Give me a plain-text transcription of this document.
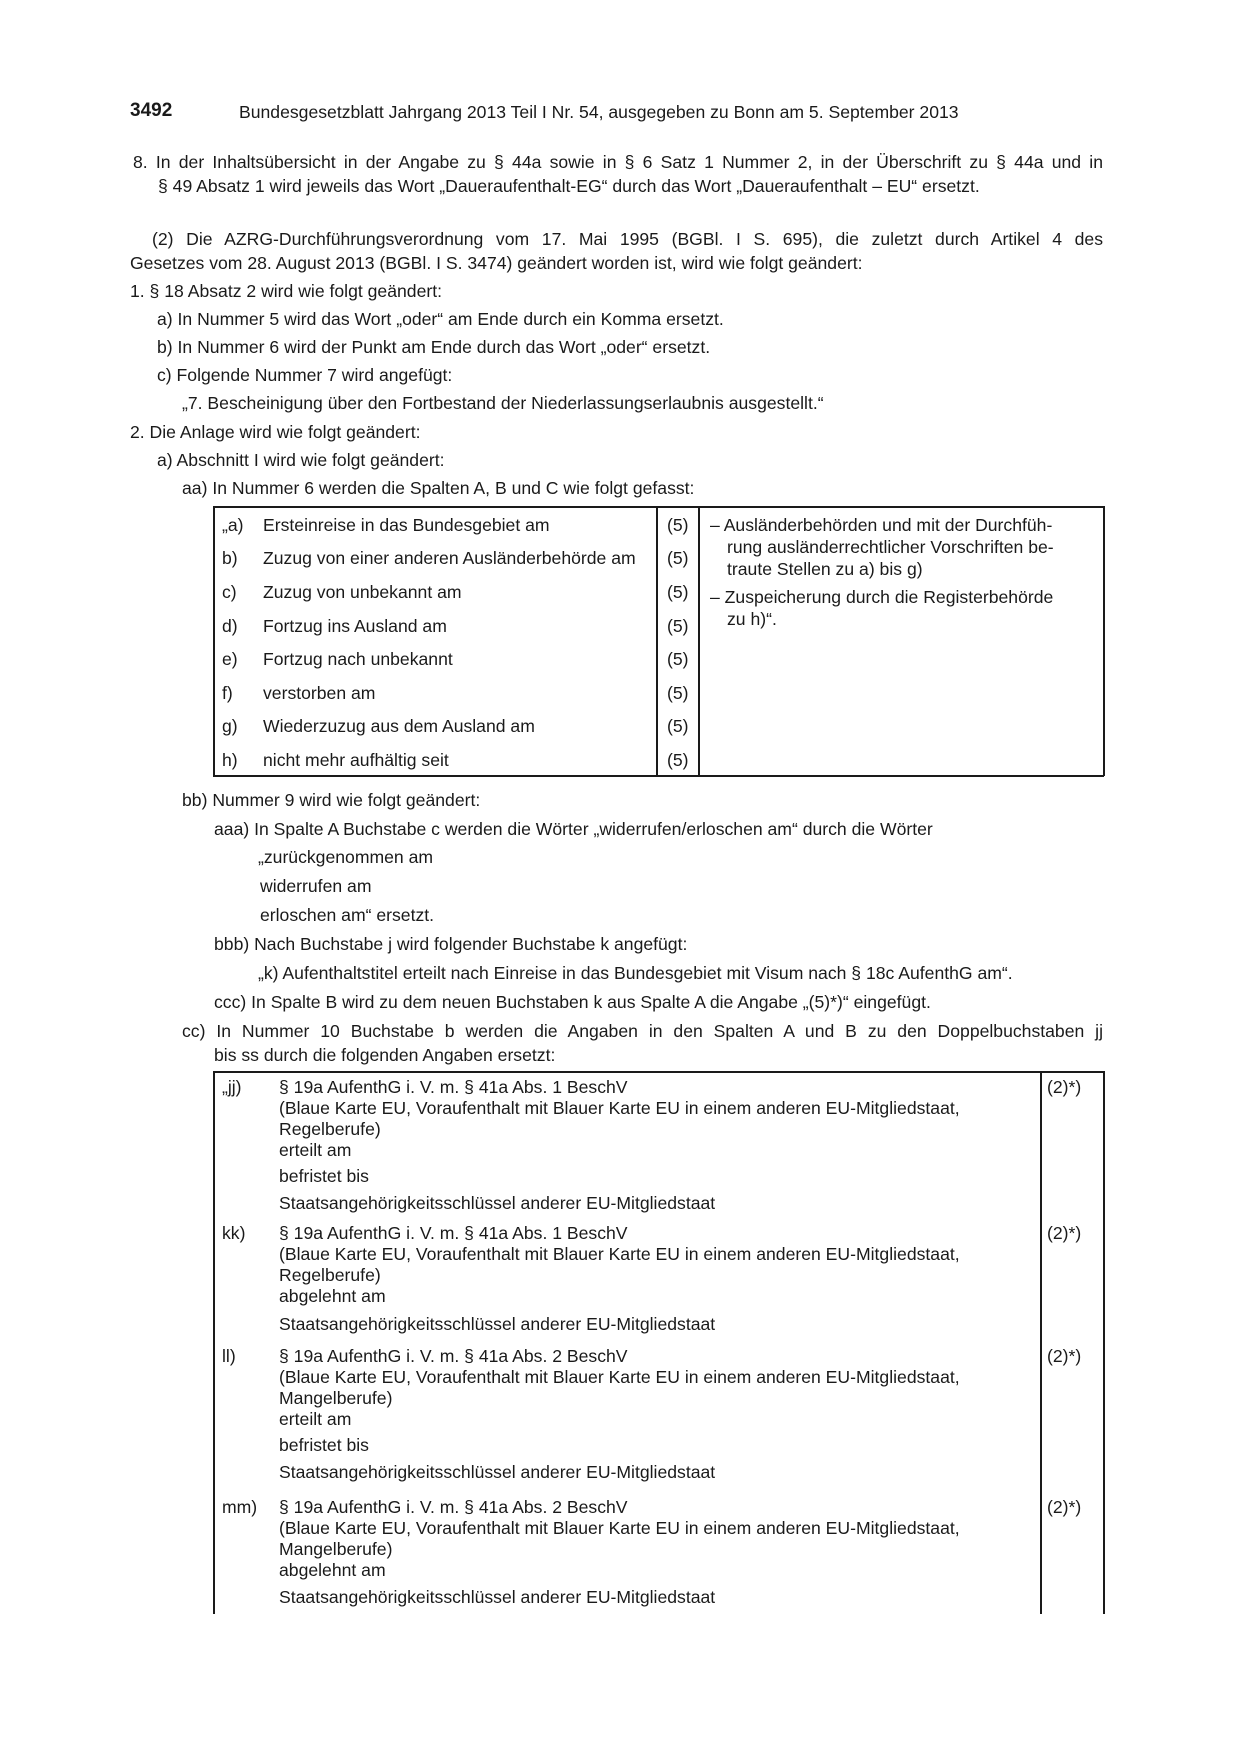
3492	Bundesgesetzblatt Jahrgang 2013 Teil I Nr. 54, ausgegeben zu Bonn am 5. September 2013
8. In der Inhaltsübersicht in der Angabe zu § 44a sowie in § 6 Satz 1 Nummer 2, in der Überschrift zu § 44a und in
§ 49 Absatz 1 wird jeweils das Wort „Daueraufenthalt-EG“ durch das Wort „Daueraufenthalt – EU“ ersetzt.
(2) Die AZRG-Durchführungsverordnung vom 17. Mai 1995 (BGBl. I S. 695), die zuletzt durch Artikel 4 des
Gesetzes vom 28. August 2013 (BGBl. I S. 3474) geändert worden ist, wird wie folgt geändert:
1. § 18 Absatz 2 wird wie folgt geändert:
a) In Nummer 5 wird das Wort „oder“ am Ende durch ein Komma ersetzt.
b) In Nummer 6 wird der Punkt am Ende durch das Wort „oder“ ersetzt.
c) Folgende Nummer 7 wird angefügt:
„7. Bescheinigung über den Fortbestand der Niederlassungserlaubnis ausgestellt.“
2. Die Anlage wird wie folgt geändert:
a) Abschnitt I wird wie folgt geändert:
aa) In Nummer 6 werden die Spalten A, B und C wie folgt gefasst:
„a) Ersteinreise in das Bundesgebiet am	(5)
b) Zuzug von einer anderen Ausländerbehörde am (5)
c) Zuzug von unbekannt am	(5)
d) Fortzug ins Ausland am	(5)
e) Fortzug nach unbekannt	(5)
f) verstorben am	(5)
g) Wiederzuzug aus dem Ausland am	(5)
h) nicht mehr aufhältig seit	(5)
– Ausländerbehörden und mit der Durchfüh-
rung ausländerrechtlicher Vorschriften be-
traute Stellen zu a) bis g)
– Zuspeicherung durch die Registerbehörde
zu h)“.
bb) Nummer 9 wird wie folgt geändert:
aaa) In Spalte A Buchstabe c werden die Wörter „widerrufen/erloschen am“ durch die Wörter
„zurückgenommen am
widerrufen am
erloschen am“ ersetzt.
bbb) Nach Buchstabe j wird folgender Buchstabe k angefügt:
„k) Aufenthaltstitel erteilt nach Einreise in das Bundesgebiet mit Visum nach § 18c AufenthG am“.
ccc) In Spalte B wird zu dem neuen Buchstaben k aus Spalte A die Angabe „(5)*)“ eingefügt.
cc) In Nummer 10 Buchstabe b werden die Angaben in den Spalten A und B zu den Doppelbuchstaben jj
bis ss durch die folgenden Angaben ersetzt:
„jj) § 19a AufenthG i. V. m. § 41a Abs. 1 BeschV
(Blaue Karte EU, Voraufenthalt mit Blauer Karte EU in einem anderen EU-Mitgliedstaat,
Regelberufe)
erteilt am
befristet bis
Staatsangehörigkeitsschlüssel anderer EU-Mitgliedstaat
(2)*)
kk) § 19a AufenthG i. V. m. § 41a Abs. 1 BeschV
(Blaue Karte EU, Voraufenthalt mit Blauer Karte EU in einem anderen EU-Mitgliedstaat,
Regelberufe)
abgelehnt am
Staatsangehörigkeitsschlüssel anderer EU-Mitgliedstaat
(2)*)
ll) § 19a AufenthG i. V. m. § 41a Abs. 2 BeschV
(Blaue Karte EU, Voraufenthalt mit Blauer Karte EU in einem anderen EU-Mitgliedstaat,
Mangelberufe)
erteilt am
befristet bis
Staatsangehörigkeitsschlüssel anderer EU-Mitgliedstaat
(2)*)
mm) § 19a AufenthG i. V. m. § 41a Abs. 2 BeschV
(Blaue Karte EU, Voraufenthalt mit Blauer Karte EU in einem anderen EU-Mitgliedstaat,
Mangelberufe)
abgelehnt am
Staatsangehörigkeitsschlüssel anderer EU-Mitgliedstaat
(2)*)
